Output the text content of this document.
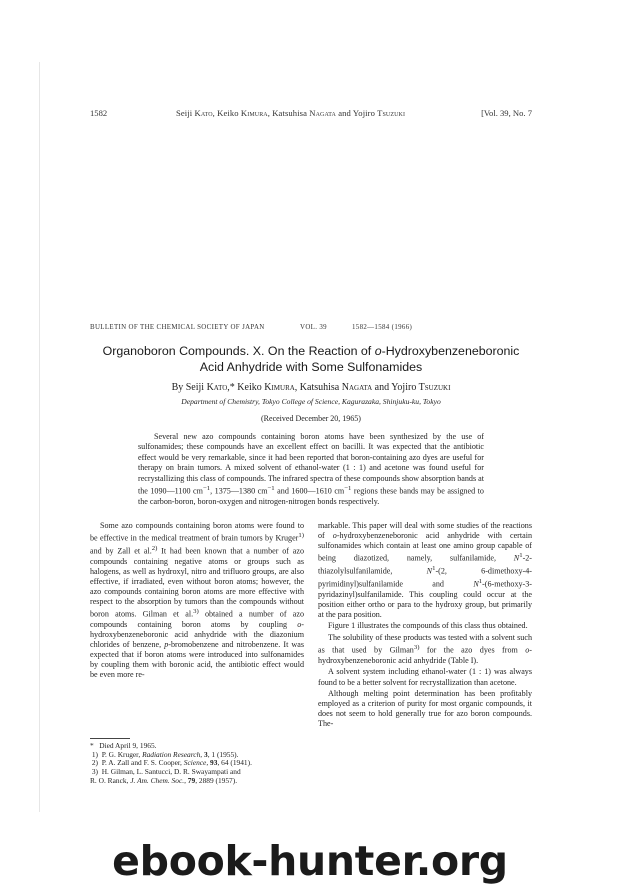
1582	Seiji Kato, Keiko Kimura, Katsuhisa Nagata and Yojiro Tsuzuki	[Vol. 39, No. 7
BULLETIN OF THE CHEMICAL SOCIETY OF JAPAN	VOL. 39	1582—1584 (1966)
Organoboron Compounds. X. On the Reaction of o-Hydroxybenzeneboronic
Acid Anhydride with Some Sulfonamides
By Seiji Kato,* Keiko Kimura, Katsuhisa Nagata and Yojiro Tsuzuki
Department of Chemistry, Tokyo College of Science, Kagurazaka, Shinjuku-ku, Tokyo
(Received December 20, 1965)

Several new azo compounds containing boron atoms have been synthesized by the use of sulfonamides; these compounds have an excellent effect on bacilli. It was expected that the antibiotic effect would be very remarkable, since it had been reported that boron-containing azo dyes are useful for therapy on brain tumors. A mixed solvent of ethanol-water (1 : 1) and acetone was found useful for recrystallizing this class of compounds. The infrared spectra of these compounds show absorption bands at the 1090—1100 $cm^{-1}$, 1375—1380 $cm^{-1}$ and 1600—1610 $cm^{-1}$ regions these bands may be assigned to the carbon-boron, boron-oxygen and nitrogen-nitrogen bonds respectively.

Some azo compounds containing boron atoms were found to be effective in the medical treatment of brain tumors by Kruger$^{1)}$ and by Zall et al.$^{2)}$ It had been known that a number of azo compounds containing negative atoms or groups such as halogens, as well as hydroxyl, nitro and trifluoro groups, are also effective, if irradiated, even without boron atoms; however, the azo compounds containing boron atoms are more effective with respect to the absorption by tumors than the compounds without boron atoms. Gilman et al.$^{3)}$ obtained a number of azo compounds containing boron atoms by coupling o-hydroxybenzeneboronic acid anhydride with the diazonium chlorides of benzene, p-bromobenzene and nitrobenzene. It was expected that if boron atoms were introduced into sulfonamides by coupling them with boronic acid, the antibiotic effect would be even more re-

markable. This paper will deal with some studies of the reactions of o-hydroxybenzeneboronic acid anhydride with certain sulfonamides which contain at least one amino group capable of being diazotized, namely, sulfanilamide, $N^1-2$-thiazolylsulfanilamide, $N^1-(2$, 6-dimethoxy-4-pyrimidinyl)sulfanilamide and $N^1-(6-methoxy-3-pyridazinyl)sulfanilamide$. This coupling could occur at the position either ortho or para to the hydroxy group, but primarily at the para position.

Figure 1 illustrates the compounds of this class thus obtained.

The solubility of these products was tested with a solvent such as that used by Gilman$^{3)}$ for the azo dyes from o-hydroxybenzeneboronic acid anhydride (Table I).

A solvent system including ethanol-water (1 : 1) was always found to be a better solvent for recrystallization than acetone.

Although melting point determination has been profitably employed as a criterion of purity for most organic compounds, it does not seem to hold generally true for azo boron compounds. The-

*   Died April 9, 1965.
1)  P. G. Kruger, Radiation Research, 3, 1 (1955).
2)  P. A. Zall and F. S. Cooper, Science, 93, 64 (1941).
3)  H. Gilman, L. Santucci, D. R. Swayampati and
R. O. Ranck, J. Am. Chem. Soc., 79, 2889 (1957).
ebook-hunter.org
